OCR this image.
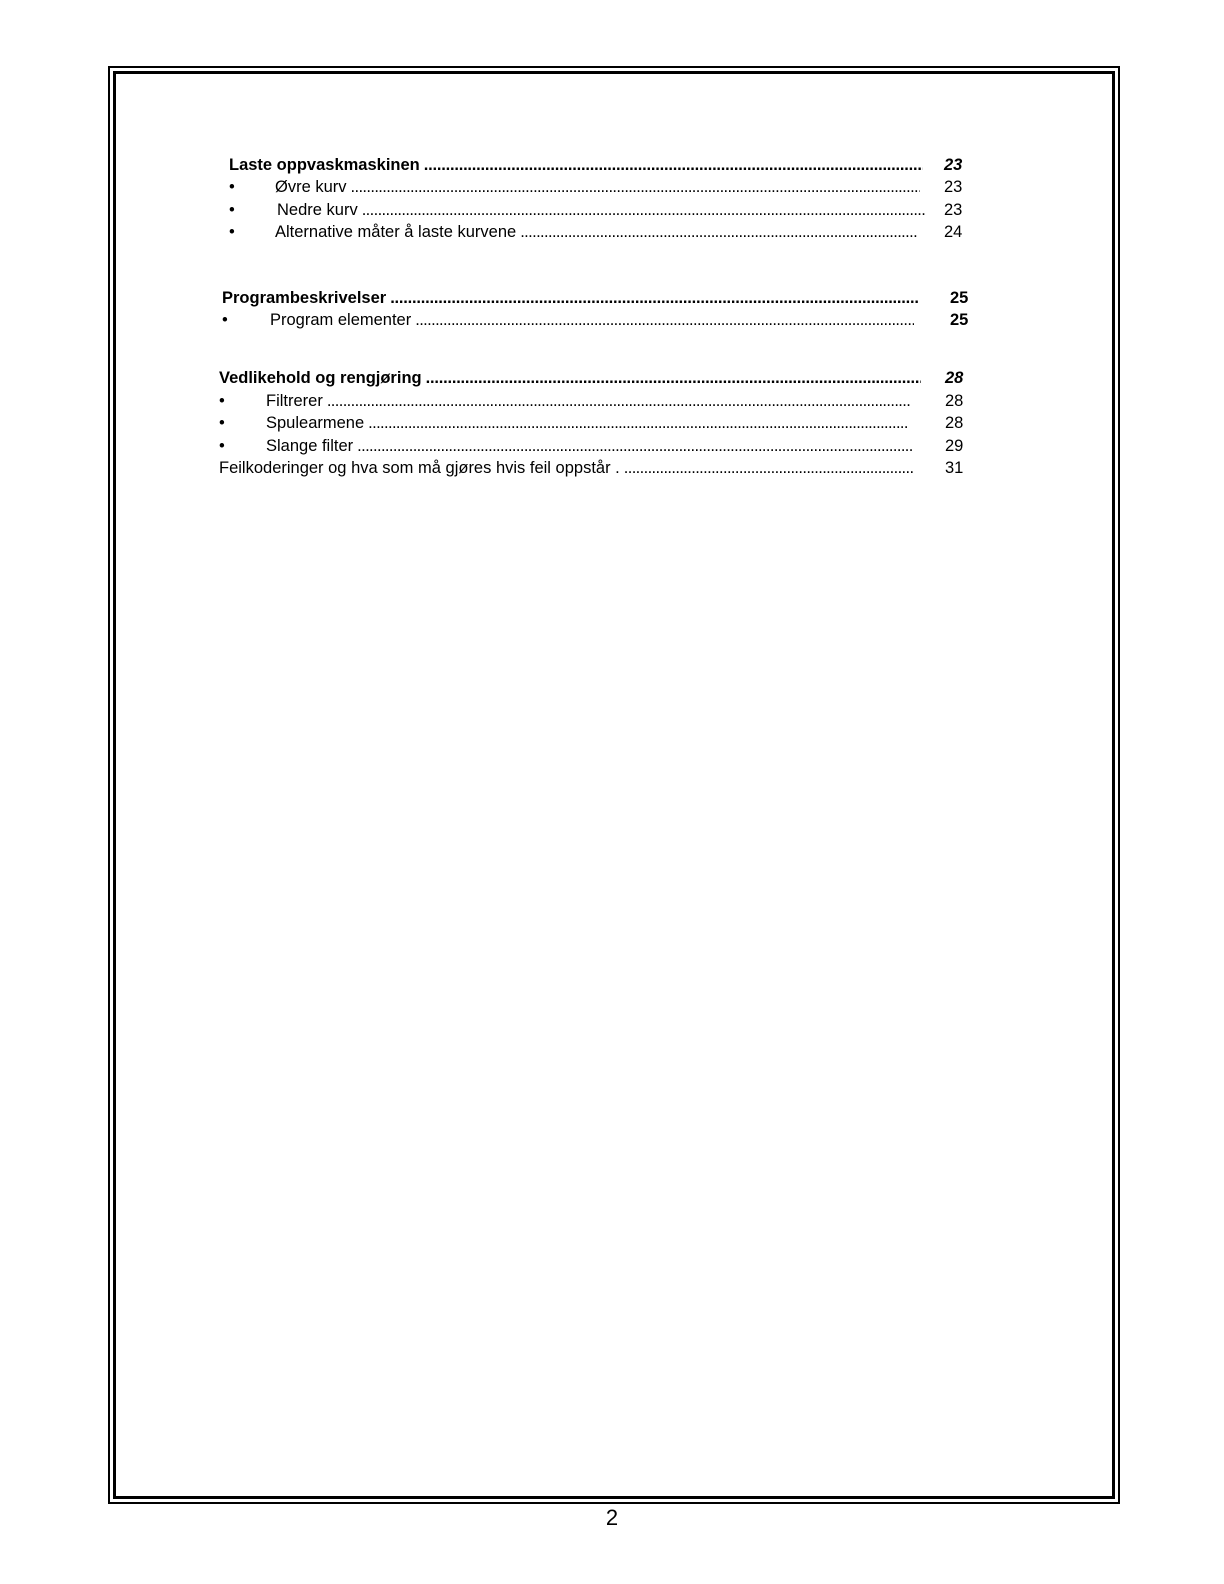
Laste oppvaskmaskinen . . .	23
•	Øvre kurv . . .	23
•	Nedre kurv . . .	23
•	Alternative måter å laste kurvene . . .	24
Programbeskrivelser . . .	25
•	Program elementer . . .	25
Vedlikehold og rengjøring . . .	28
•	Filtrerer . . .	28
•	Spulearmene . . .	28
•	Slange filter . . .	29
Feilkoderinger og hva som må gjøres hvis feil oppstår . . . .	31
2
